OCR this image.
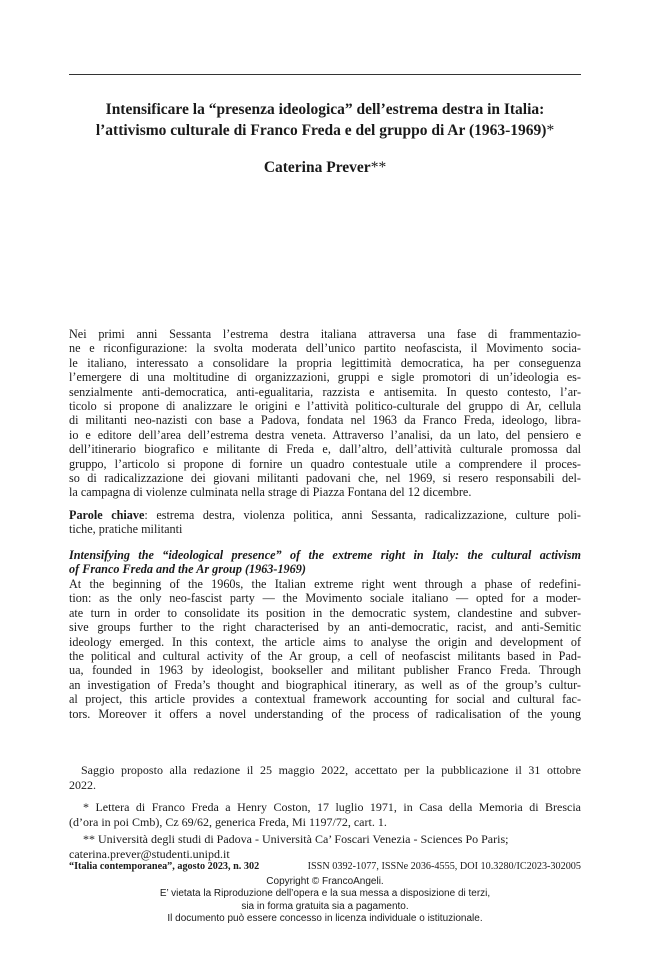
Intensificare la “presenza ideologica” dell’estrema destra in Italia:
l’attivismo culturale di Franco Freda e del gruppo di Ar (1963-1969)*
Caterina Prever**
Nei primi anni Sessanta l’estrema destra italiana attraversa una fase di frammentazio-
ne e riconfigurazione: la svolta moderata dell’unico partito neofascista, il Movimento socia-
le italiano, interessato a consolidare la propria legittimità democratica, ha per conseguenza
l’emergere di una moltitudine di organizzazioni, gruppi e sigle promotori di un’ideologia es-
senzialmente anti-democratica, anti-egualitaria, razzista e antisemita. In questo contesto, l’ar-
ticolo si propone di analizzare le origini e l’attività politico-culturale del gruppo di Ar, cellula
di militanti neo-nazisti con base a Padova, fondata nel 1963 da Franco Freda, ideologo, libra-
io e editore dell’area dell’estrema destra veneta. Attraverso l’analisi, da un lato, del pensiero e
dell’itinerario biografico e militante di Freda e, dall’altro, dell’attività culturale promossa dal
gruppo, l’articolo si propone di fornire un quadro contestuale utile a comprendere il proces-
so di radicalizzazione dei giovani militanti padovani che, nel 1969, si resero responsabili del-
la campagna di violenze culminata nella strage di Piazza Fontana del 12 dicembre.
Parole chiave: estrema destra, violenza politica, anni Sessanta, radicalizzazione, culture poli-
tiche, pratiche militanti
Intensifying the “ideological presence” of the extreme right in Italy: the cultural activism
of Franco Freda and the Ar group (1963-1969)
At the beginning of the 1960s, the Italian extreme right went through a phase of redefini-
tion: as the only neo-fascist party — the Movimento sociale italiano — opted for a moder-
ate turn in order to consolidate its position in the democratic system, clandestine and subver-
sive groups further to the right characterised by an anti-democratic, racist, and anti-Semitic
ideology emerged. In this context, the article aims to analyse the origin and development of
the political and cultural activity of the Ar group, a cell of neofascist militants based in Pad-
ua, founded in 1963 by ideologist, bookseller and militant publisher Franco Freda. Through
an investigation of Freda’s thought and biographical itinerary, as well as of the group’s cultur-
al project, this article provides a contextual framework accounting for social and cultural fac-
tors. Moreover it offers a novel understanding of the process of radicalisation of the young
Saggio proposto alla redazione il 25 maggio 2022, accettato per la pubblicazione il 31 ottobre
2022.
* Lettera di Franco Freda a Henry Coston, 17 luglio 1971, in Casa della Memoria di Brescia
(d’ora in poi Cmb), Cz 69/62, generica Freda, Mi 1197/72, cart. 1.
** Università degli studi di Padova - Università Ca’ Foscari Venezia - Sciences Po Paris;
caterina.prever@studenti.unipd.it
“Italia contemporanea”, agosto 2023, n. 302	ISSN 0392-1077, ISSNe 2036-4555, DOI 10.3280/IC2023-302005
Copyright © FrancoAngeli.
E’ vietata la Riproduzione dell’opera e la sua messa a disposizione di terzi,
sia in forma gratuita sia a pagamento.
Il documento può essere concesso in licenza individuale o istituzionale.
